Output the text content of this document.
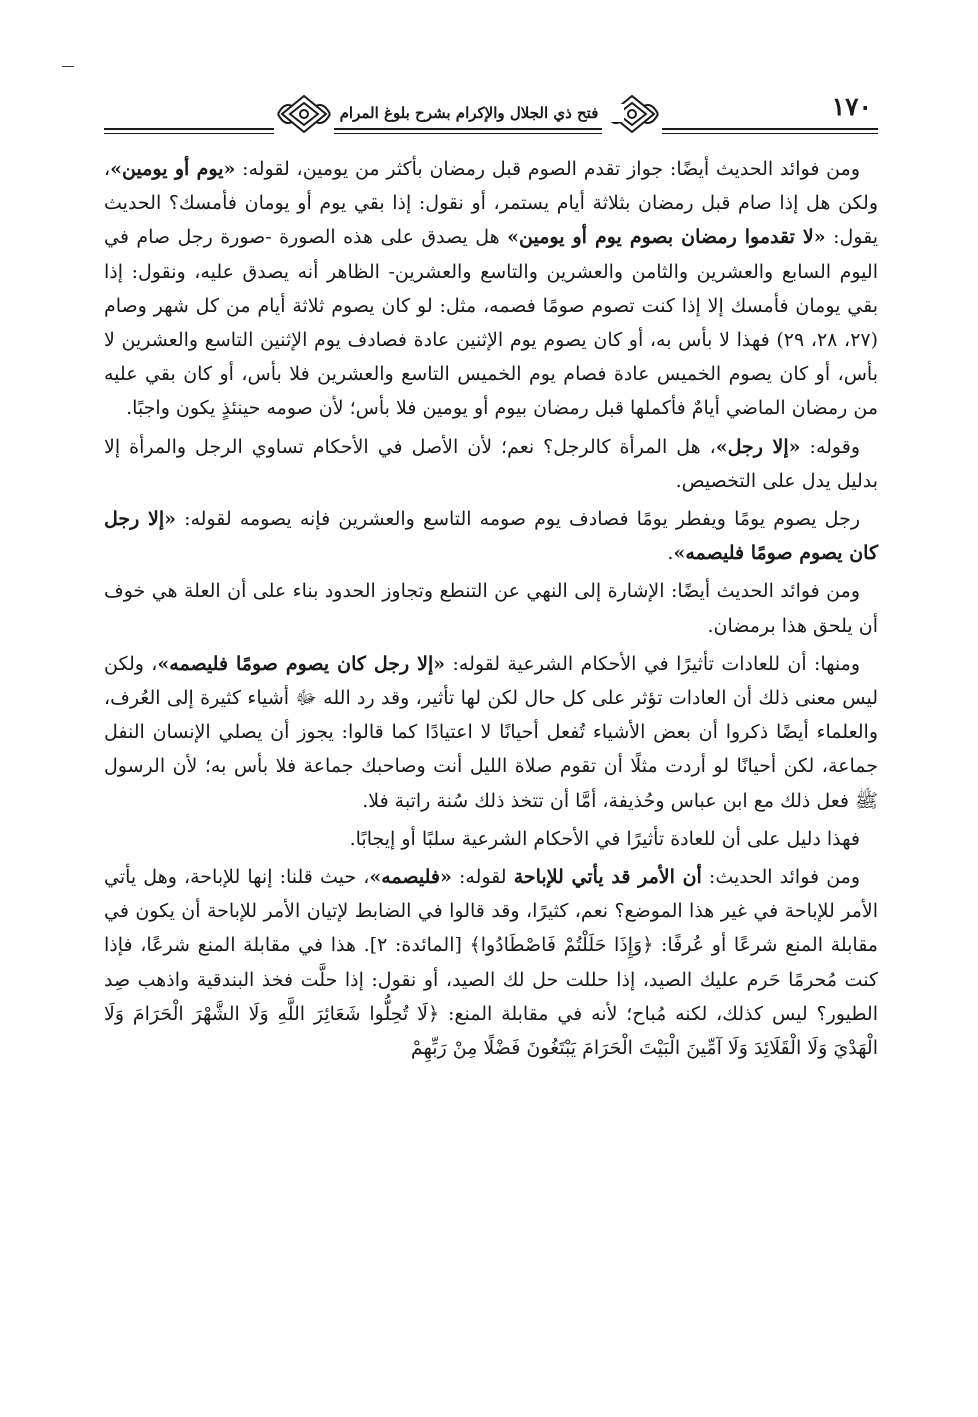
١٧٠
فتح ذي الجلال والإكرام بشرح بلوغ المرام

ومن فوائد الحديث أيضًا: جواز تقدم الصوم قبل رمضان بأكثر من يومين، لقوله: «يوم أو يومين»، ولكن هل إذا صام قبل رمضان بثلاثة أيام يستمر، أو نقول: إذا بقي يوم أو يومان فأمسك؟ الحديث يقول: «لا تقدموا رمضان بصوم يوم أو يومين» هل يصدق على هذه الصورة -صورة رجل صام في اليوم السابع والعشرين والثامن والعشرين والتاسع والعشرين- الظاهر أنه يصدق عليه، ونقول: إذا بقي يومان فأمسك إلا إذا كنت تصوم صومًا فصمه، مثل: لو كان يصوم ثلاثة أيام من كل شهر وصام (٢٧، ٢٨، ٢٩) فهذا لا بأس به، أو كان يصوم يوم الإثنين عادة فصادف يوم الإثنين التاسع والعشرين لا بأس، أو كان يصوم الخميس عادة فصام يوم الخميس التاسع والعشرين فلا بأس، أو كان بقي عليه من رمضان الماضي أيامٌ فأكملها قبل رمضان بيوم أو يومين فلا بأس؛ لأن صومه حينئذٍ يكون واجبًا.

وقوله: «إلا رجل»، هل المرأة كالرجل؟ نعم؛ لأن الأصل في الأحكام تساوي الرجل والمرأة إلا بدليل يدل على التخصيص.

رجل يصوم يومًا ويفطر يومًا فصادف يوم صومه التاسع والعشرين فإنه يصومه لقوله: «إلا رجل كان يصوم صومًا فليصمه».

ومن فوائد الحديث أيضًا: الإشارة إلى النهي عن التنطع وتجاوز الحدود بناء على أن العلة هي خوف أن يلحق هذا برمضان.

ومنها: أن للعادات تأثيرًا في الأحكام الشرعية لقوله: «إلا رجل كان يصوم صومًا فليصمه»، ولكن ليس معنى ذلك أن العادات تؤثر على كل حال لكن لها تأثير، وقد رد الله ﷻ أشياء كثيرة إلى العُرف، والعلماء أيضًا ذكروا أن بعض الأشياء تُفعل أحيانًا لا اعتيادًا كما قالوا: يجوز أن يصلي الإنسان النفل جماعة، لكن أحيانًا لو أردت مثلًا أن تقوم صلاة الليل أنت وصاحبك جماعة فلا بأس به؛ لأن الرسول ﷺ فعل ذلك مع ابن عباس وحُذيفة، أمَّا أن تتخذ ذلك سُنة راتبة فلا.

فهذا دليل على أن للعادة تأثيرًا في الأحكام الشرعية سلبًا أو إيجابًا.

ومن فوائد الحديث: أن الأمر قد يأتي للإباحة لقوله: «فليصمه»، حيث قلنا: إنها للإباحة، وهل يأتي الأمر للإباحة في غير هذا الموضع؟ نعم، كثيرًا، وقد قالوا في الضابط لإتيان الأمر للإباحة أن يكون في مقابلة المنع شرعًا أو عُرفًا: ﴿وَإِذَا حَلَلْتُمْ فَاصْطَادُوا﴾ [المائدة: ٢]. هذا في مقابلة المنع شرعًا، فإذا كنت مُحرمًا حَرم عليك الصيد، إذا حللت حل لك الصيد، أو نقول: إذا حلَّت فخذ البندقية واذهب صِد الطيور؟ ليس كذلك، لكنه مُباح؛ لأنه في مقابلة المنع: ﴿لَا تُحِلُّوا شَعَائِرَ اللَّهِ وَلَا الشَّهْرَ الْحَرَامَ وَلَا الْهَدْيَ وَلَا الْقَلَائِدَ وَلَا آمِّينَ الْبَيْتَ الْحَرَامَ يَبْتَغُونَ فَضْلًا مِنْ رَبِّهِمْ
